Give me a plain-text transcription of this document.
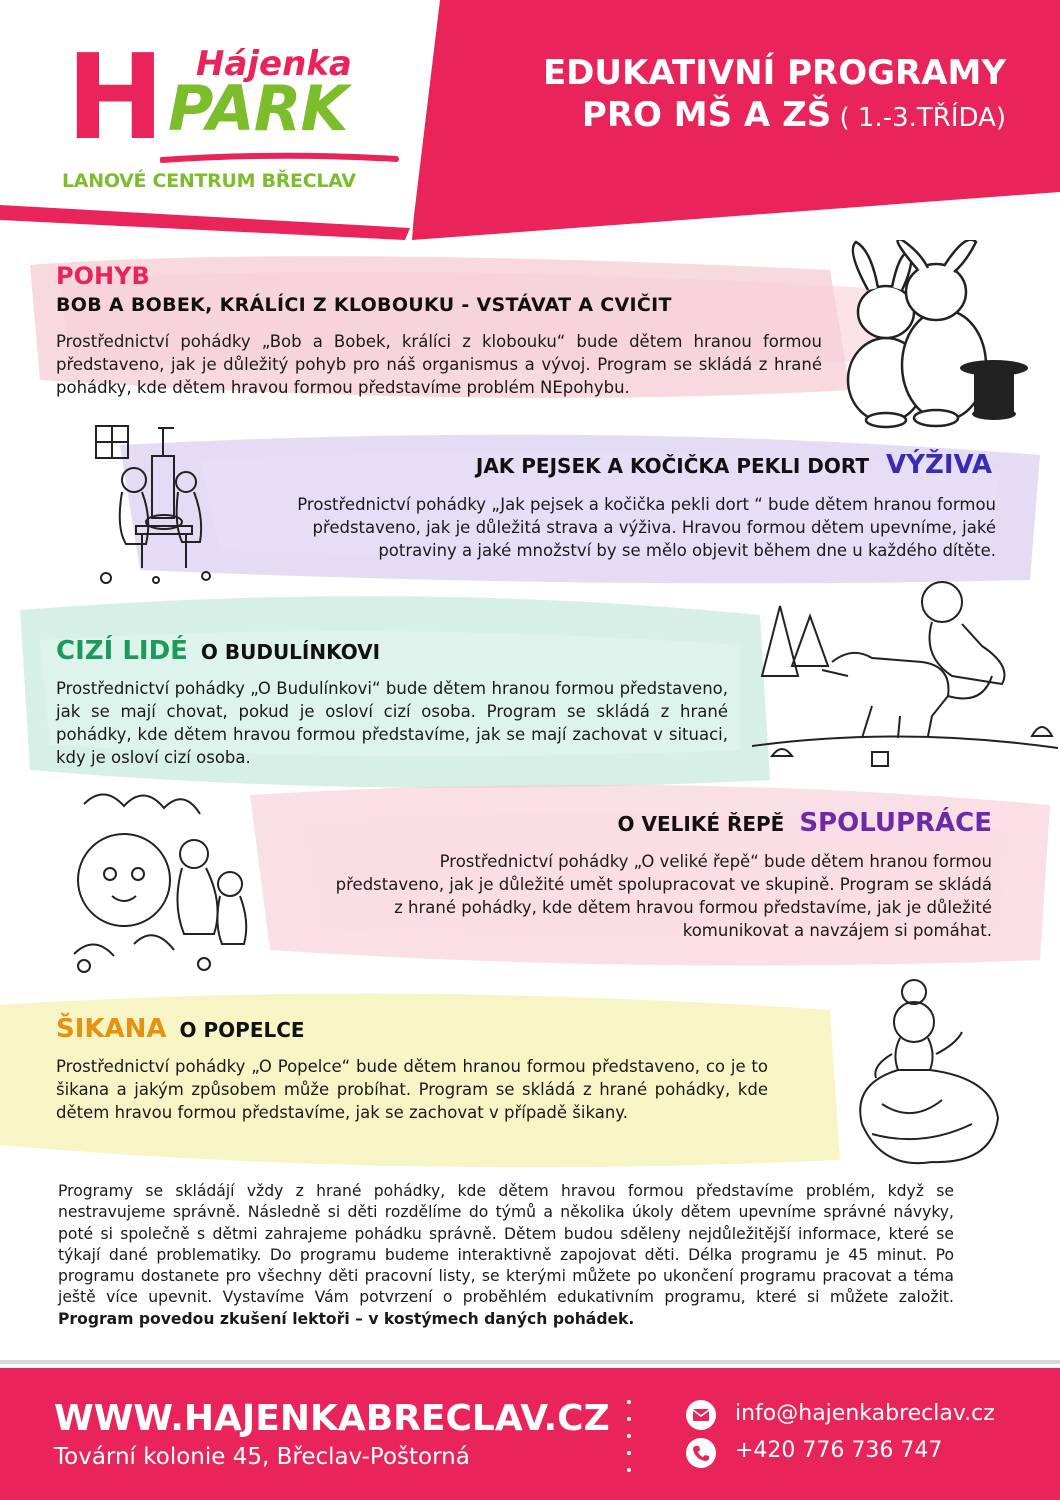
H Hájenka
PARK
LANOVÉ CENTRUM BŘECLAV
EDUKATIVNÍ PROGRAMY
PRO MŠ A ZŠ ( 1.-3.TŘÍDA)
POHYB
BOB A BOBEK, KRÁLÍCI Z KLOBOUKU - VSTÁVAT A CVIČIT
Prostřednictví pohádky „Bob a Bobek, králíci z klobouku“ bude dětem hranou formou představeno, jak je důležitý pohyb pro náš organismus a vývoj. Program se skládá z hrané pohádky, kde dětem hravou formou představíme problém NEpohybu.
JAK PEJSEK A KOČIČKA PEKLI DORT VÝŽIVA
Prostřednictví pohádky „Jak pejsek a kočička pekli dort “ bude dětem hranou formou představeno, jak je důležitá strava a výživa. Hravou formou dětem upevníme, jaké potraviny a jaké množství by se mělo objevit během dne u každého dítěte.
CIZÍ LIDÉ O BUDULÍNKOVI
Prostřednictví pohádky „O Budulínkovi“ bude dětem hranou formou představeno, jak se mají chovat, pokud je osloví cizí osoba. Program se skládá z hrané pohádky, kde dětem hravou formou představíme, jak se mají zachovat v situaci, kdy je osloví cizí osoba.
O VELIKÉ ŘEPĚ SPOLUPRÁCE
Prostřednictví pohádky „O veliké řepě“ bude dětem hranou formou představeno, jak je důležité umět spolupracovat ve skupině. Program se skládá z hrané pohádky, kde dětem hravou formou představíme, jak je důležité komunikovat a navzájem si pomáhat.
ŠIKANA O POPELCE
Prostřednictví pohádky „O Popelce“ bude dětem hranou formou představeno, co je to šikana a jakým způsobem může probíhat. Program se skládá z hrané pohádky, kde dětem hravou formou představíme, jak se zachovat v případě šikany.
Programy se skládájí vždy z hrané pohádky, kde dětem hravou formou představíme problém, když se nestravujeme správně. Následně si děti rozdělíme do týmů a několika úkoly dětem upevníme správné návyky, poté si společně s dětmi zahrajeme pohádku správně. Dětem budou sděleny nejdůležitější informace, které se týkají dané problematiky. Do programu budeme interaktivně zapojovat děti. Délka programu je 45 minut. Po programu dostanete pro všechny děti pracovní listy, se kterými můžete po ukončení programu pracovat a téma ještě více upevnit. Vystavíme Vám potvrzení o proběhlém edukativním programu, které si můžete založit. Program povedou zkušení lektoři – v kostýmech daných pohádek.
WWW.HAJENKABRECLAV.CZ
Tovární kolonie 45, Břeclav-Poštorná
info@hajenkabreclav.cz
+420 776 736 747
